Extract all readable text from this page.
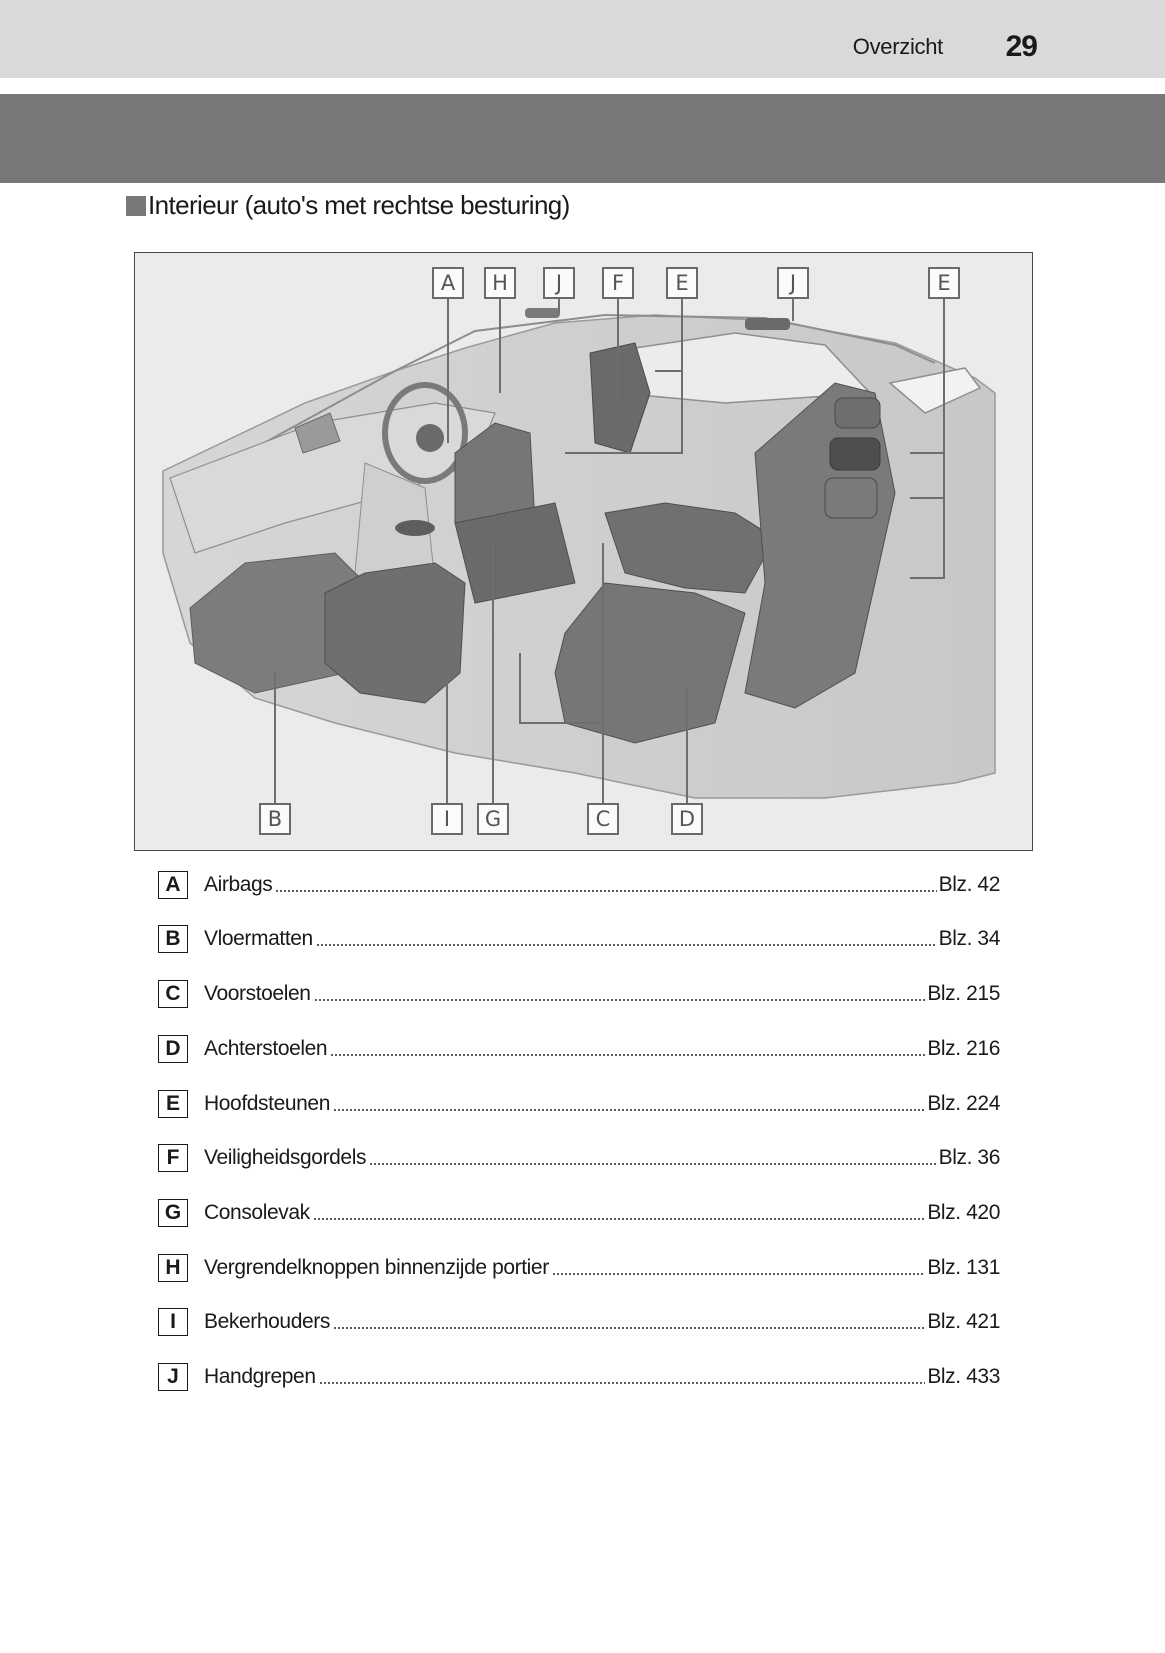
Overzicht 29
Interieur (auto's met rechtse besturing)
A	H	J	F	E	J	E
B	I	G	C	D
A	Airbags	Blz. 42
B	Vloermatten	Blz. 34
C	Voorstoelen	Blz. 215
D	Achterstoelen	Blz. 216
E	Hoofdsteunen	Blz. 224
F	Veiligheidsgordels	Blz. 36
G	Consolevak	Blz. 420
H	Vergrendelknoppen binnenzijde portier	Blz. 131
I	Bekerhouders	Blz. 421
J	Handgrepen	Blz. 433
